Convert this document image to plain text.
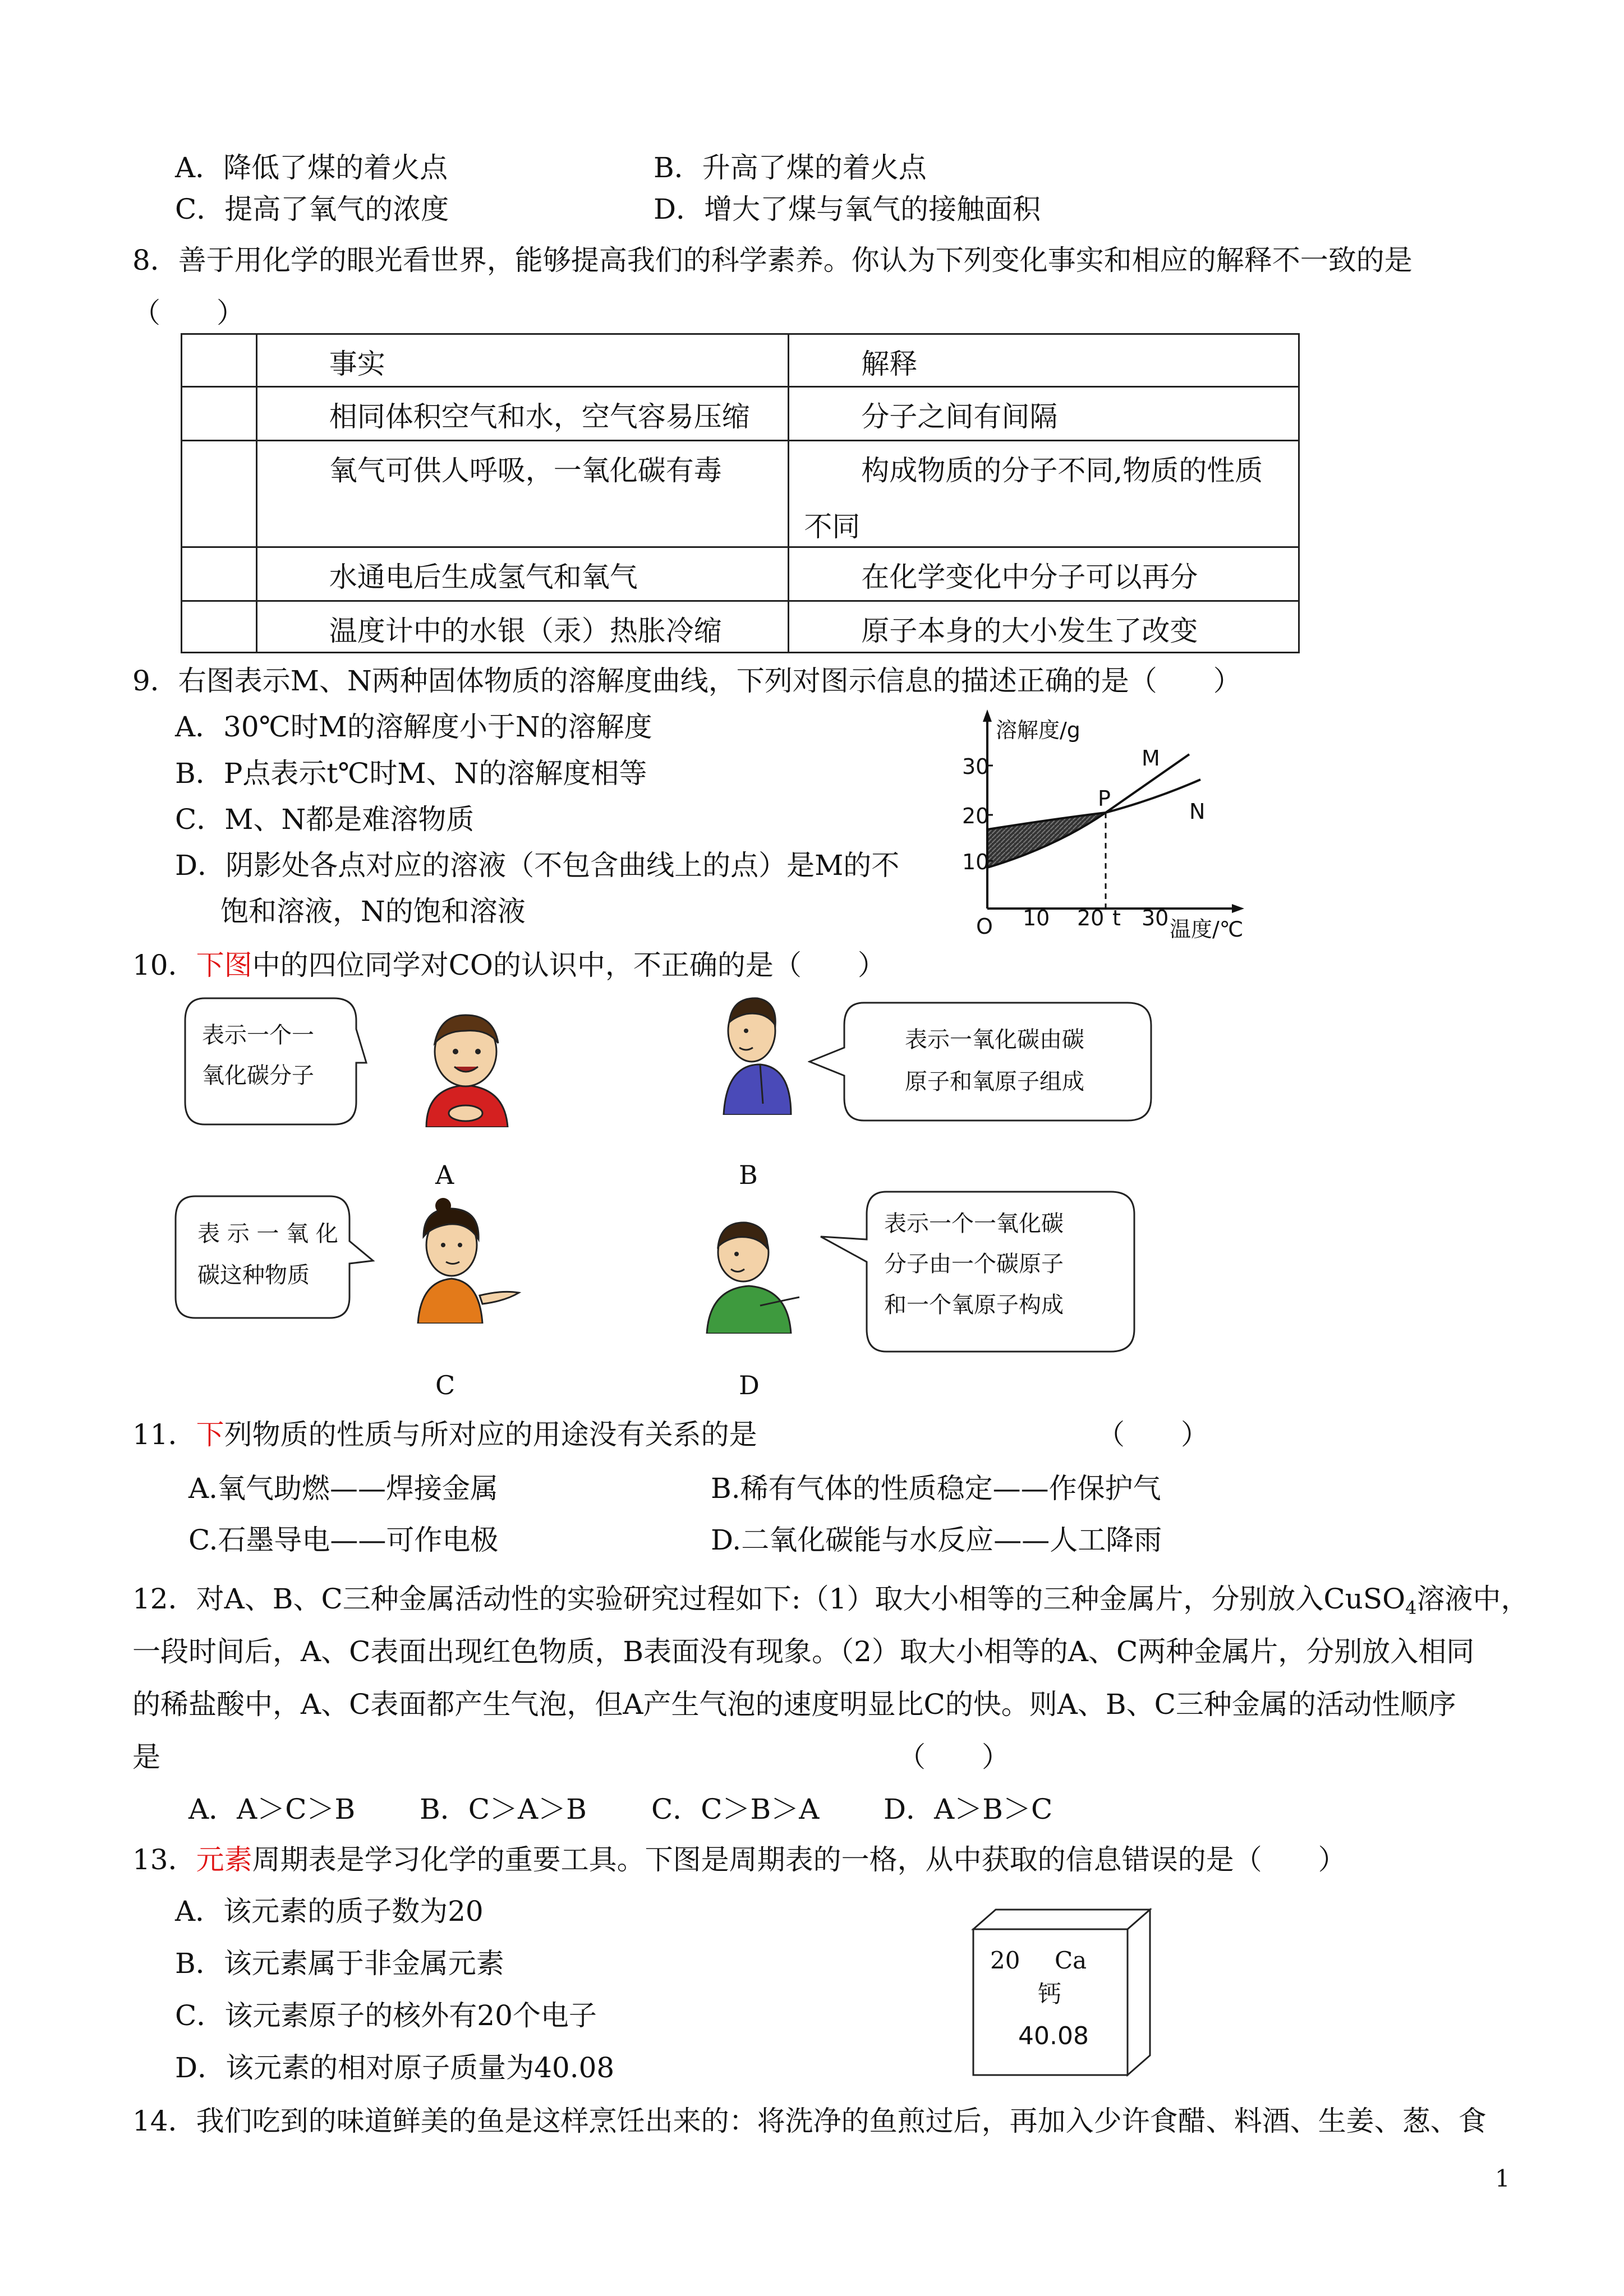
A．降低了煤的着火点	B．升高了煤的着火点
C．提高了氧气的浓度	D．增大了煤与氧气的接触面积
8．善于用化学的眼光看世界，能够提高我们的科学素养。你认为下列变化事实和相应的解释不一致的是
（　　）

	事实	解释

	相同体积空气和水，空气容易压缩	分子之间有间隔

	氧气可供人呼吸，一氧化碳有毒	构成物质的分子不同,物质的性质
不同

	水通电后生成氢气和氧气	在化学变化中分子可以再分

	温度计中的水银（汞）热胀冷缩	原子本身的大小发生了改变
9．右图表示M、N两种固体物质的溶解度曲线，下列对图示信息的描述正确的是（　　）
A．30℃时M的溶解度小于N的溶解度
B．P点表示t℃时M、N的溶解度相等
C．M、N都是难溶物质
D．阴影处各点对应的溶液（不包含曲线上的点）是M的不
饱和溶液，N的饱和溶液
30
20
10
O 10 20 t 30
溶解度/g
温度/℃
M
N
P
10．下图中的四位同学对CO的认识中，不正确的是（　　）
表示一个一
氧化碳分子
表示一氧化碳由碳
原子和氧原子组成
A	B
表 示 一 氧 化
碳这种物质
表示一个一氧化碳
分子由一个碳原子
和一个氧原子构成
C	D
11．下列物质的性质与所对应的用途没有关系的是	（　　）
A.氧气助燃——焊接金属	B.稀有气体的性质稳定——作保护气
C.石墨导电——可作电极	D.二氧化碳能与水反应——人工降雨
12．对A、B、C三种金属活动性的实验研究过程如下:（1）取大小相等的三种金属片，分别放入CuSO$_4$溶液中，
一段时间后，A、C表面出现红色物质，B表面没有现象。（2）取大小相等的A、C两种金属片，分别放入相同
的稀盐酸中，A、C表面都产生气泡，但A产生气泡的速度明显比C的快。则A、B、C三种金属的活动性顺序
是	（　　）
A．A＞C＞B B．C＞A＞B C．C＞B＞A D．A＞B＞C
13．元素周期表是学习化学的重要工具。下图是周期表的一格，从中获取的信息错误的是（　　）
A．该元素的质子数为20
B．该元素属于非金属元素
C．该元素原子的核外有20个电子
D．该元素的相对原子质量为40.08
20 Ca
钙
40.08
14．我们吃到的味道鲜美的鱼是这样烹饪出来的：将洗净的鱼煎过后，再加入少许食醋、料酒、生姜、葱、食
1
